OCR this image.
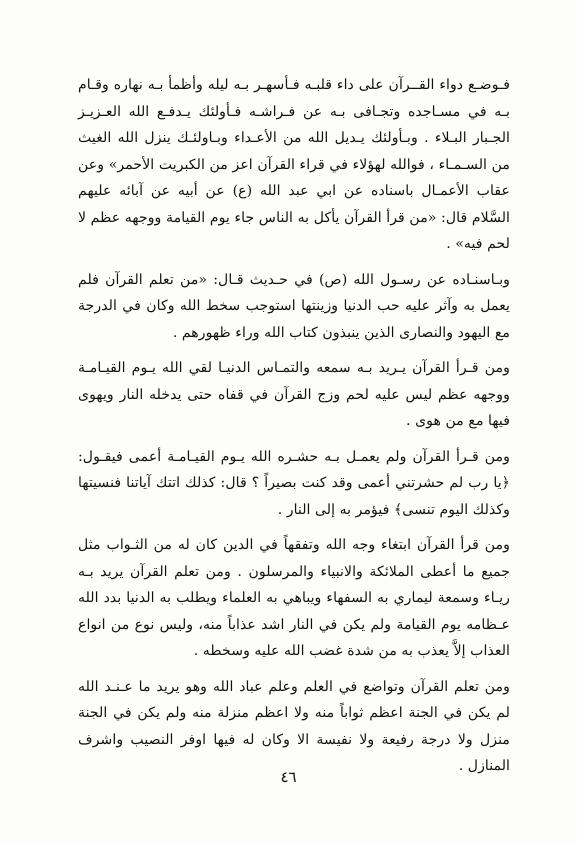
فـوضـع دواء القــرآن على داء قلبـه فـأسهـر بـه ليله وأظمأ بـه نهاره وقـام بـه في مسـاجده وتجـافى بـه عن فـراشـه فـأولئك يـدفـع الله العـزيـز الجـبار البـلاء . وبـأولئك يـديل الله من الأعـداء وبـاولئـك ينزل الله الغيث من السـمـاء ، فوالله لهؤلاء في قراء القرآن اعز من الكبريت الأحمر» وعن عقاب الأعمـال باسناده عن ابي عبد الله (ع) عن أبيه عن آبائه عليهم السَّلام قال: «من قرأ القرآن يأكل به الناس جاء يوم القيامة ووجهه عظم لا لحم فيه» .

وبـاسنـاده عن رسـول الله (ص) في حـديث قـال: «من تعلم القرآن فلم يعمل به وآثر عليه حب الدنيا وزينتها استوجب سخط الله وكان في الدرجة مع اليهود والنصارى الذين ينبذون كتاب الله وراء ظهورهم .

ومن قـرأ القرآن يـريد بـه سمعه والتمـاس الدنيـا لقي الله يـوم القيـامـة ووجهه عظم ليس عليه لحم وزج القرآن في قفاه حتى يدخله النار ويهوى فيها مع من هوى .

ومن قـرأ القرآن ولم يعمـل بـه حشـره الله يـوم القيـامـة أعمى فيقـول: ﴿يا رب لم حشرتني أعمى وقد كنت بصيراً ؟ قال: كذلك اتتك آياتنا فنسيتها وكذلك اليوم تنسى﴾ فيؤمر به إلى النار .

ومن قرأ القرآن ابتغاء وجه الله وتفقهاً في الدين كان له من الثـواب مثل جميع ما أعطى الملائكة والانبياء والمرسلون . ومن تعلم القرآن يريد بـه ريـاء وسمعة ليماري به السفهاء ويباهي به العلماء ويطلب به الدنيا بدد الله عـظامه يوم القيامة ولم يكن في النار اشد عذاباً منه، وليس نوع من انواع العذاب إلاَّ يعذب به من شدة غضب الله عليه وسخطه .

ومن تعلم القرآن وتواضع في العلم وعلم عباد الله وهو يريد ما عـنـد الله لم يكن في الجنة اعظم ثواباً منه ولا اعظم منزلة منه ولم يكن في الجنة منزل ولا درجة رفيعة ولا نفيسة الا وكان له فيها اوفر النصيب واشرف المنازل .

٤٦
